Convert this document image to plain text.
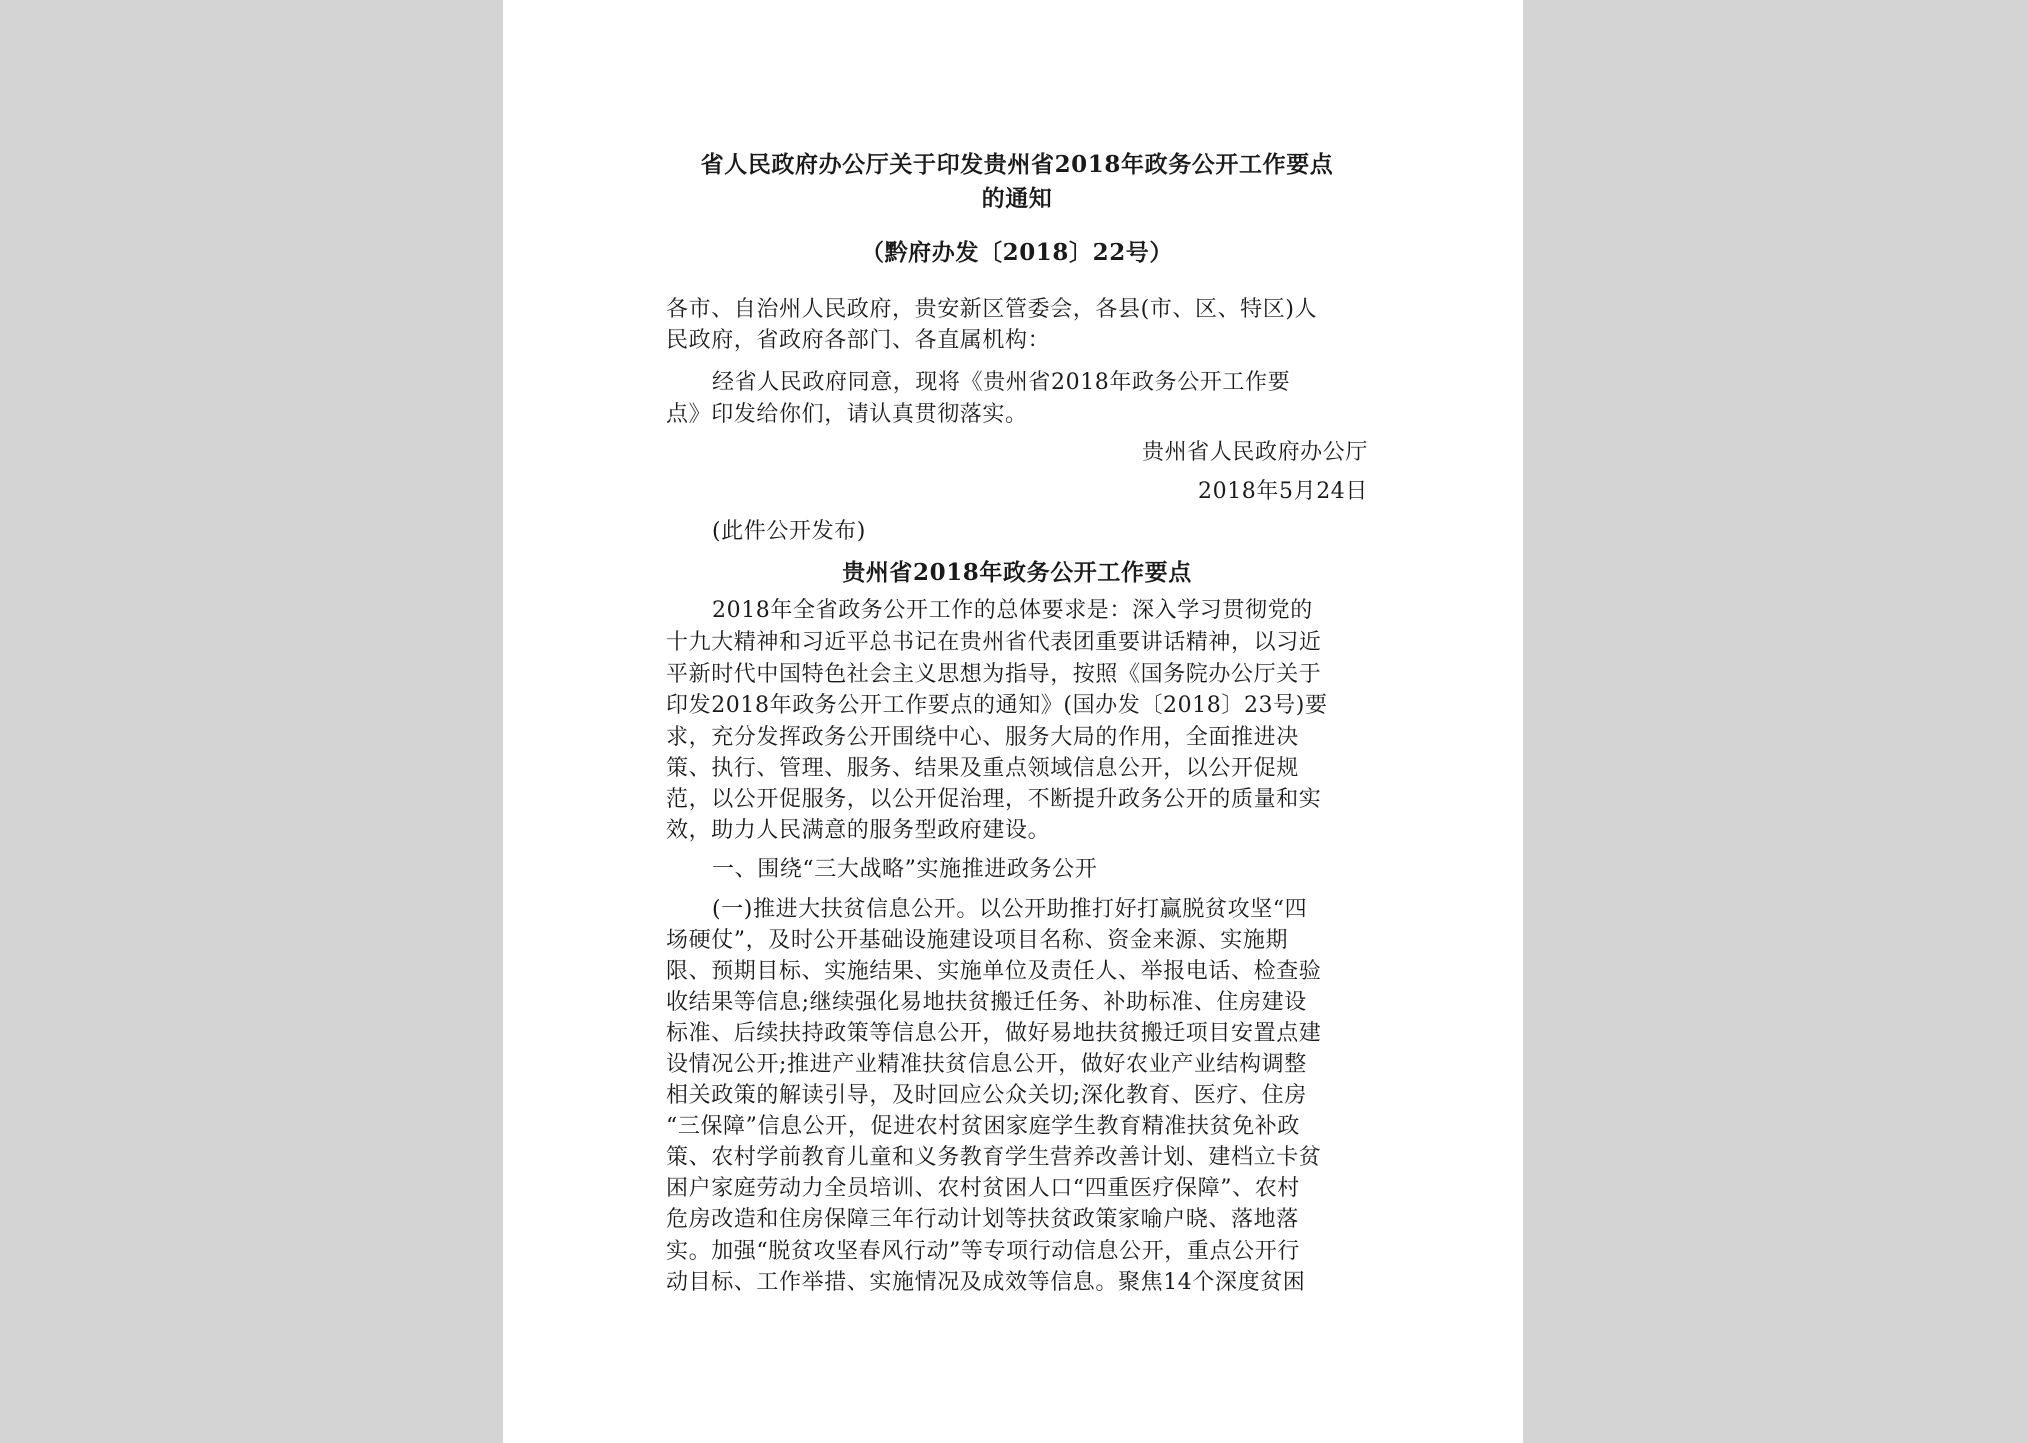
省人民政府办公厅关于印发贵州省2018年政务公开工作要点
的通知
（黔府办发〔2018〕22号）
各市、自治州人民政府，贵安新区管委会，各县(市、区、特区)人
民政府，省政府各部门、各直属机构：
经省人民政府同意，现将《贵州省2018年政务公开工作要
点》印发给你们，请认真贯彻落实。
贵州省人民政府办公厅
2018年5月24日
(此件公开发布)
贵州省2018年政务公开工作要点
2018年全省政务公开工作的总体要求是：深入学习贯彻党的
十九大精神和习近平总书记在贵州省代表团重要讲话精神，以习近
平新时代中国特色社会主义思想为指导，按照《国务院办公厅关于
印发2018年政务公开工作要点的通知》(国办发〔2018〕23号)要
求，充分发挥政务公开围绕中心、服务大局的作用，全面推进决
策、执行、管理、服务、结果及重点领域信息公开，以公开促规
范，以公开促服务，以公开促治理，不断提升政务公开的质量和实
效，助力人民满意的服务型政府建设。
一、围绕“三大战略”实施推进政务公开
(一)推进大扶贫信息公开。以公开助推打好打赢脱贫攻坚“四
场硬仗”，及时公开基础设施建设项目名称、资金来源、实施期
限、预期目标、实施结果、实施单位及责任人、举报电话、检查验
收结果等信息;继续强化易地扶贫搬迁任务、补助标准、住房建设
标准、后续扶持政策等信息公开，做好易地扶贫搬迁项目安置点建
设情况公开;推进产业精准扶贫信息公开，做好农业产业结构调整
相关政策的解读引导，及时回应公众关切;深化教育、医疗、住房
“三保障”信息公开，促进农村贫困家庭学生教育精准扶贫免补政
策、农村学前教育儿童和义务教育学生营养改善计划、建档立卡贫
困户家庭劳动力全员培训、农村贫困人口“四重医疗保障”、农村
危房改造和住房保障三年行动计划等扶贫政策家喻户晓、落地落
实。加强“脱贫攻坚春风行动”等专项行动信息公开，重点公开行
动目标、工作举措、实施情况及成效等信息。聚焦14个深度贫困
